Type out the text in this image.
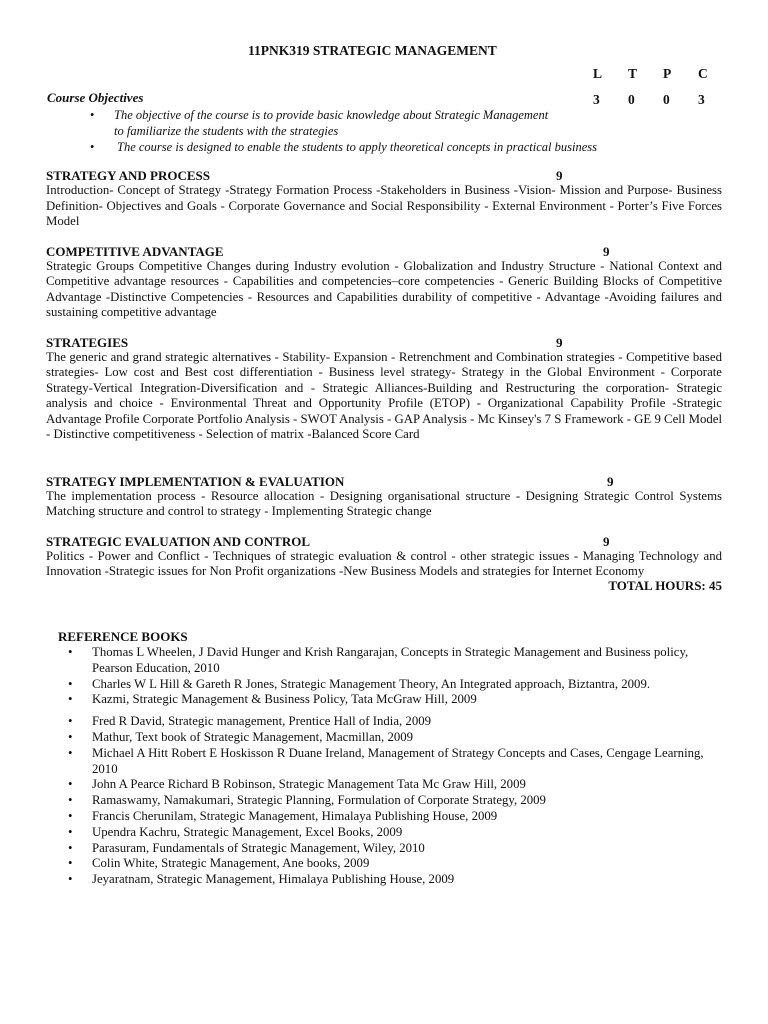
11PNK319 STRATEGIC MANAGEMENT
L	T	P	C
3	0	0	3
Course Objectives
•	The objective of the course is to provide basic knowledge about Strategic Management to familiarize the students with the strategies
•	The course is designed to enable the students to apply theoretical concepts in practical business
STRATEGY AND PROCESS	9
Introduction- Concept of Strategy -Strategy Formation Process -Stakeholders in Business -Vision- Mission and Purpose- Business Definition- Objectives and Goals - Corporate Governance and Social Responsibility - External Environment - Porter’s Five Forces Model
COMPETITIVE ADVANTAGE	9
Strategic Groups Competitive Changes during Industry evolution - Globalization and Industry Structure - National Context and Competitive advantage resources - Capabilities and competencies–core competencies - Generic Building Blocks of Competitive Advantage -Distinctive Competencies - Resources and Capabilities durability of competitive - Advantage -Avoiding failures and sustaining competitive advantage
STRATEGIES	9
The generic and grand strategic alternatives - Stability- Expansion - Retrenchment and Combination strategies - Competitive based strategies- Low cost and Best cost differentiation - Business level strategy- Strategy in the Global Environment - Corporate Strategy-Vertical Integration-Diversification and - Strategic Alliances-Building and Restructuring the corporation- Strategic analysis and choice - Environmental Threat and Opportunity Profile (ETOP) - Organizational Capability Profile -Strategic Advantage Profile Corporate Portfolio Analysis - SWOT Analysis - GAP Analysis - Mc Kinsey's 7 S Framework - GE 9 Cell Model - Distinctive competitiveness - Selection of matrix -Balanced Score Card
STRATEGY IMPLEMENTATION & EVALUATION	9
The implementation process - Resource allocation - Designing organisational structure - Designing Strategic Control Systems Matching structure and control to strategy - Implementing Strategic change
STRATEGIC EVALUATION AND CONTROL	9
Politics - Power and Conflict - Techniques of strategic evaluation & control - other strategic issues - Managing Technology and Innovation -Strategic issues for Non Profit organizations -New Business Models and strategies for Internet Economy
TOTAL HOURS: 45
REFERENCE BOOKS
•	Thomas L Wheelen, J David Hunger and Krish Rangarajan, Concepts in Strategic Management and Business policy, Pearson Education, 2010
•	Charles W L Hill & Gareth R Jones, Strategic Management Theory, An Integrated approach, Biztantra, 2009.
•	Kazmi, Strategic Management & Business Policy, Tata McGraw Hill, 2009
•	Fred R David, Strategic management, Prentice Hall of India, 2009
•	Mathur, Text book of Strategic Management, Macmillan, 2009
•	Michael A Hitt Robert E Hoskisson R Duane Ireland, Management of Strategy Concepts and Cases, Cengage Learning, 2010
•	John A Pearce Richard B Robinson, Strategic Management Tata Mc Graw Hill, 2009
•	Ramaswamy, Namakumari, Strategic Planning, Formulation of Corporate Strategy, 2009
•	Francis Cherunilam, Strategic Management, Himalaya Publishing House, 2009
•	Upendra Kachru, Strategic Management, Excel Books, 2009
•	Parasuram, Fundamentals of Strategic Management, Wiley, 2010
•	Colin White, Strategic Management, Ane books, 2009
•	Jeyaratnam, Strategic Management, Himalaya Publishing House, 2009
